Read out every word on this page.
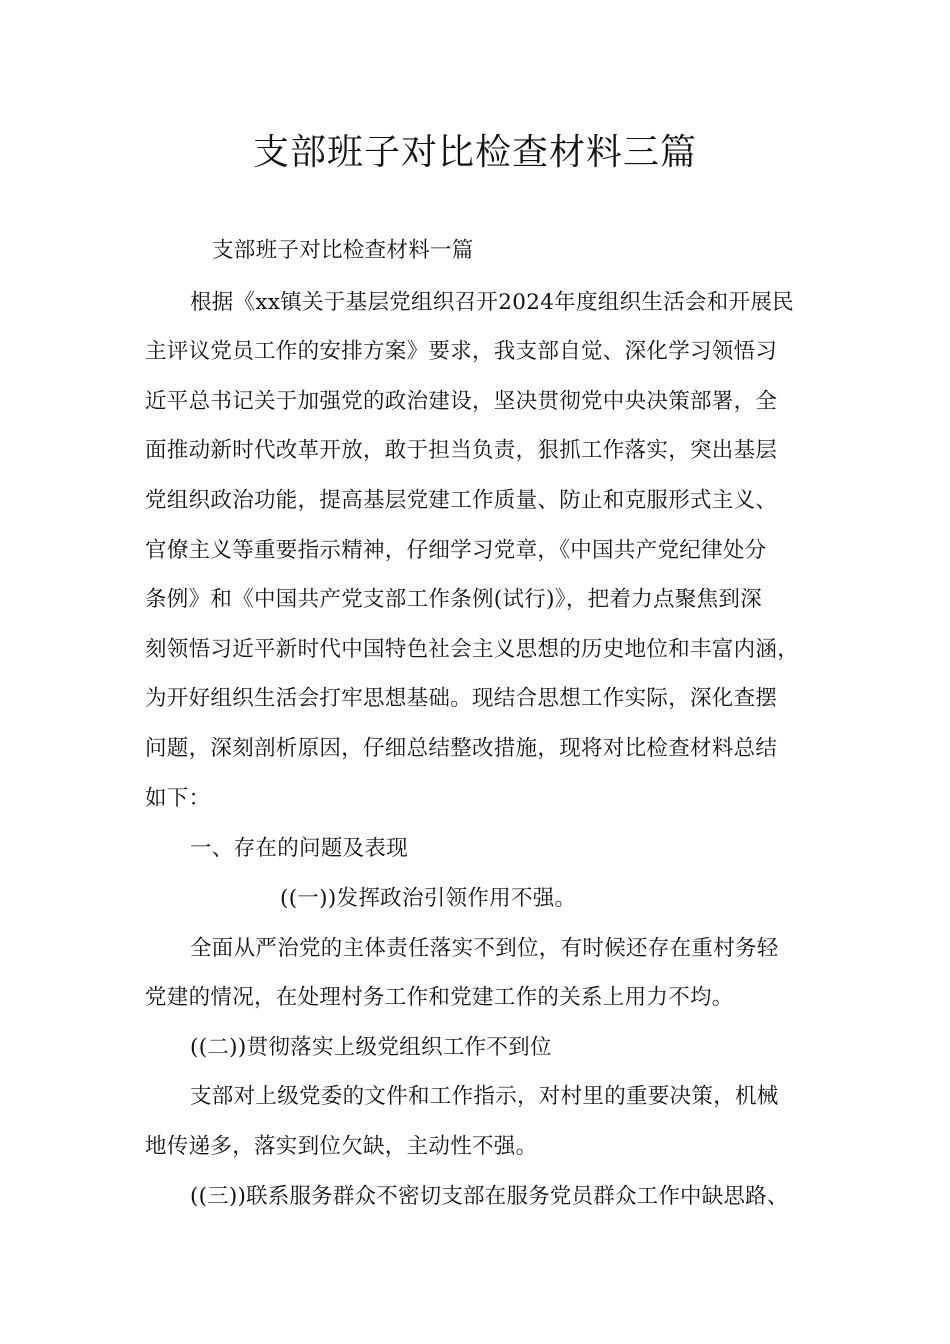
支部班子对比检查材料三篇
支部班子对比检查材料一篇
根据《xx镇关于基层党组织召开2024年度组织生活会和开展民
主评议党员工作的安排方案》要求，我支部自觉、深化学习领悟习
近平总书记关于加强党的政治建设，坚决贯彻党中央决策部署，全
面推动新时代改革开放，敢于担当负责，狠抓工作落实，突出基层
党组织政治功能，提高基层党建工作质量、防止和克服形式主义、
官僚主义等重要指示精神，仔细学习党章，《中国共产党纪律处分
条例》和《中国共产党支部工作条例(试行)》，把着力点聚焦到深
刻领悟习近平新时代中国特色社会主义思想的历史地位和丰富内涵，
为开好组织生活会打牢思想基础。现结合思想工作实际，深化查摆
问题，深刻剖析原因，仔细总结整改措施，现将对比检查材料总结
如下：
一、存在的问题及表现
((一))发挥政治引领作用不强。
全面从严治党的主体责任落实不到位，有时候还存在重村务轻
党建的情况，在处理村务工作和党建工作的关系上用力不均。
((二))贯彻落实上级党组织工作不到位
支部对上级党委的文件和工作指示，对村里的重要决策，机械
地传递多，落实到位欠缺，主动性不强。
((三))联系服务群众不密切支部在服务党员群众工作中缺思路、
